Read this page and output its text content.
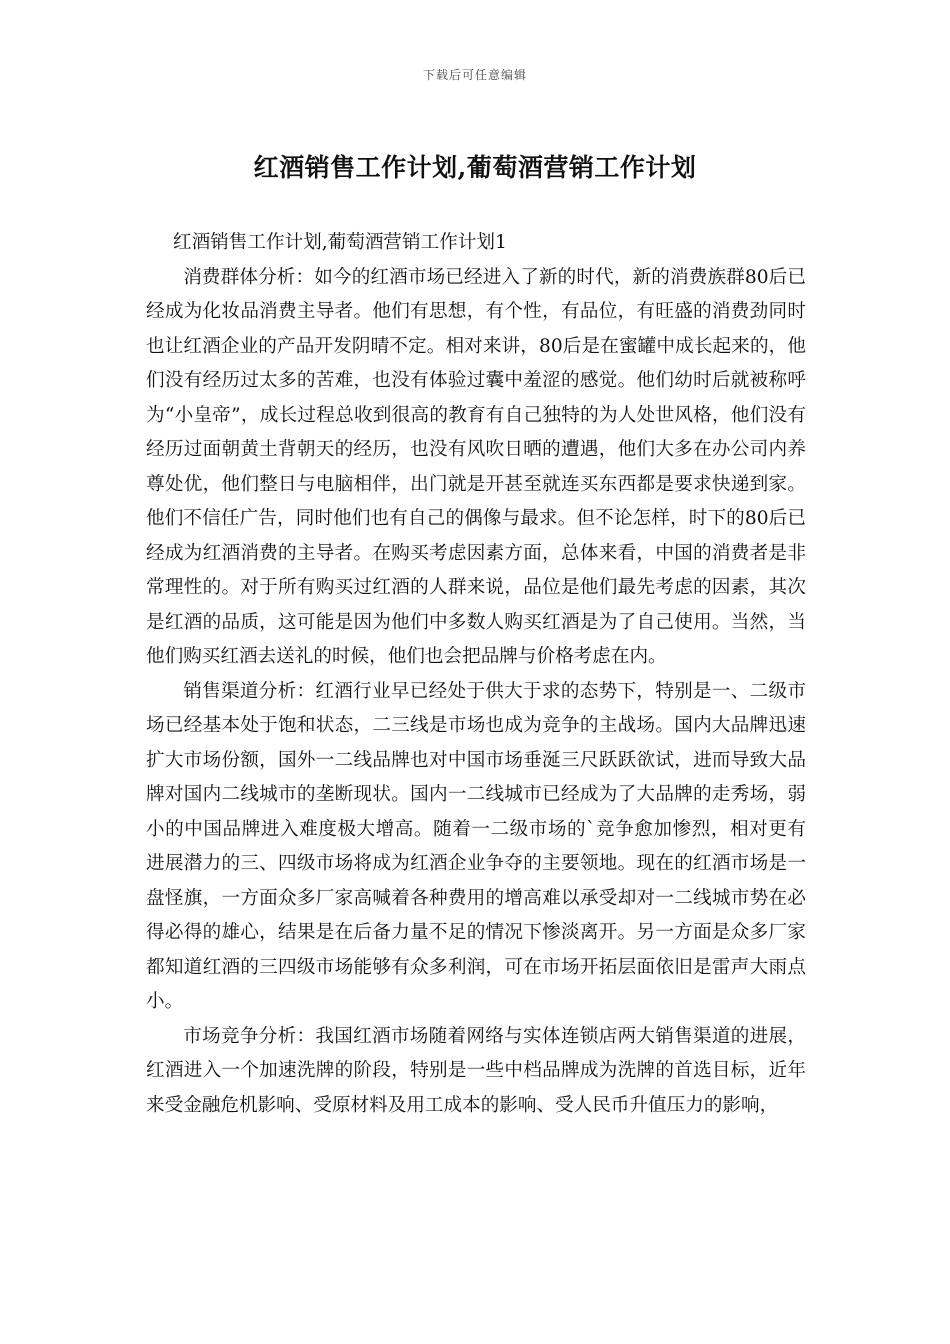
下载后可任意编辑
红酒销售工作计划,葡萄酒营销工作计划

红酒销售工作计划,葡萄酒营销工作计划1

消费群体分析：如今的红酒市场已经进入了新的时代，新的消费族群80后已经成为化妆品消费主导者。他们有思想，有个性，有品位，有旺盛的消费劲同时也让红酒企业的产品开发阴晴不定。相对来讲，80后是在蜜罐中成长起来的，他们没有经历过太多的苦难，也没有体验过囊中羞涩的感觉。他们幼时后就被称呼为“小皇帝”，成长过程总收到很高的教育有自己独特的为人处世风格，他们没有经历过面朝黄土背朝天的经历，也没有风吹日晒的遭遇，他们大多在办公司内养尊处优，他们整日与电脑相伴，出门就是开甚至就连买东西都是要求快递到家。他们不信任广告，同时他们也有自己的偶像与最求。但不论怎样，时下的80后已经成为红酒消费的主导者。在购买考虑因素方面，总体来看，中国的消费者是非常理性的。对于所有购买过红酒的人群来说，品位是他们最先考虑的因素，其次是红酒的品质，这可能是因为他们中多数人购买红酒是为了自己使用。当然，当他们购买红酒去送礼的时候，他们也会把品牌与价格考虑在内。

销售渠道分析：红酒行业早已经处于供大于求的态势下，特别是一、二级市场已经基本处于饱和状态，二三线是市场也成为竞争的主战场。国内大品牌迅速扩大市场份额，国外一二线品牌也对中国市场垂涎三尺跃跃欲试，进而导致大品牌对国内二线城市的垄断现状。国内一二线城市已经成为了大品牌的走秀场，弱小的中国品牌进入难度极大增高。随着一二级市场的`竞争愈加惨烈，相对更有进展潜力的三、四级市场将成为红酒企业争夺的主要领地。现在的红酒市场是一盘怪旗，一方面众多厂家高喊着各种费用的增高难以承受却对一二线城市势在必得必得的雄心，结果是在后备力量不足的情况下惨淡离开。另一方面是众多厂家都知道红酒的三四级市场能够有众多利润，可在市场开拓层面依旧是雷声大雨点小。

市场竞争分析：我国红酒市场随着网络与实体连锁店两大销售渠道的进展，红酒进入一个加速洗牌的阶段，特别是一些中档品牌成为洗牌的首选目标，近年来受金融危机影响、受原材料及用工成本的影响、受人民币升值压力的影响，
